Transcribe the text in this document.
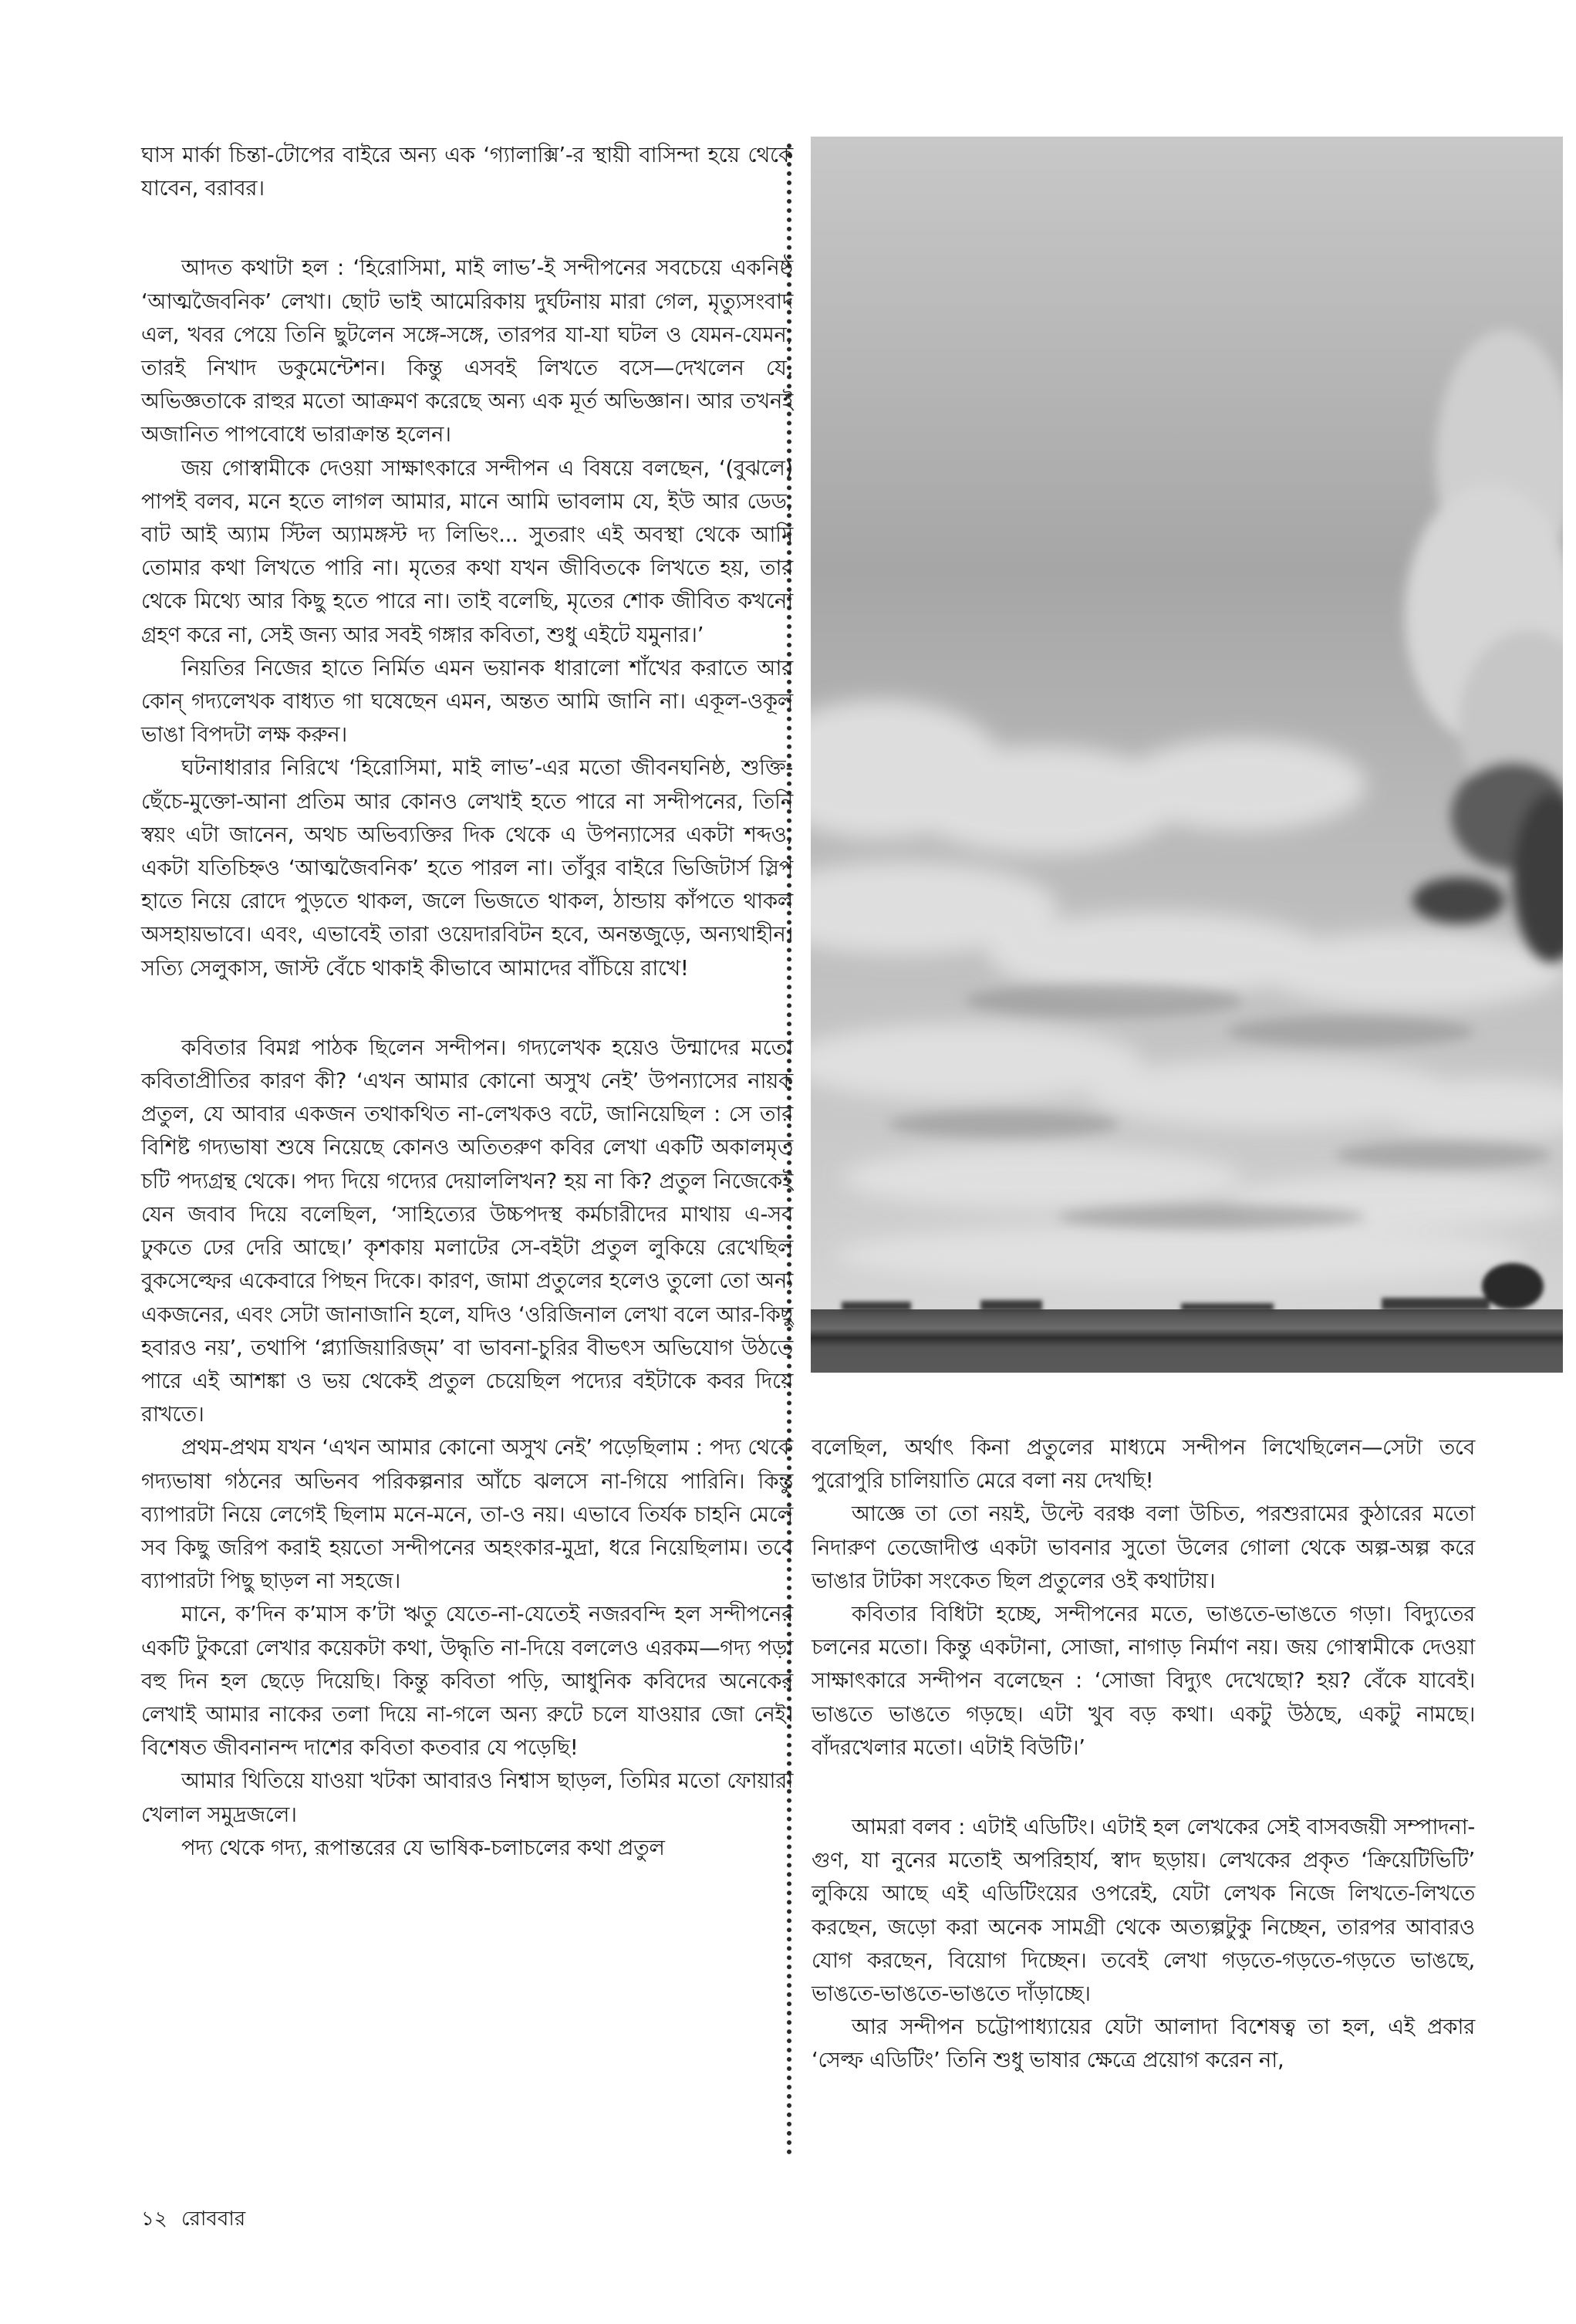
ঘাস মার্কা চিন্তা-টোপের বাইরে অন্য এক ‘গ্যালাক্সি’-র স্থায়ী বাসিন্দা হয়ে থেকে যাবেন, বরাবর।

আদত কথাটা হল : ‘হিরোসিমা, মাই লাভ’-ই সন্দীপনের সবচেয়ে একনিষ্ঠ ‘আত্মজৈবনিক’ লেখা। ছোট ভাই আমেরিকায় দুর্ঘটনায় মারা গেল, মৃত্যুসংবাদ এল, খবর পেয়ে তিনি ছুটলেন সঙ্গে-সঙ্গে, তারপর যা-যা ঘটল ও যেমন-যেমন, তারই নিখাদ ডকুমেন্টেশন। কিন্তু এসবই লিখতে বসে—দেখলেন যে, অভিজ্ঞতাকে রাহুর মতো আক্রমণ করেছে অন্য এক মূর্ত অভিজ্ঞান। আর তখনই অজানিত পাপবোধে ভারাক্রান্ত হলেন।

জয় গোস্বামীকে দেওয়া সাক্ষাৎকারে সন্দীপন এ বিষয়ে বলছেন, ‘(বুঝলে) পাপই বলব, মনে হতে লাগল আমার, মানে আমি ভাবলাম যে, ইউ আর ডেড, বাট আই অ্যাম স্টিল অ্যামঙ্গস্ট দ্য লিভিং... সুতরাং এই অবস্থা থেকে আমি তোমার কথা লিখতে পারি না। মৃতের কথা যখন জীবিতকে লিখতে হয়, তার থেকে মিথ্যে আর কিছু হতে পারে না। তাই বলেছি, মৃতের শোক জীবিত কখনো গ্রহণ করে না, সেই জন্য আর সবই গঙ্গার কবিতা, শুধু এইটে যমুনার।’

নিয়তির নিজের হাতে নির্মিত এমন ভয়ানক ধারালো শাঁখের করাতে আর কোন্ গদ্যলেখক বাধ্যত গা ঘষেছেন এমন, অন্তত আমি জানি না। একূল-ওকূল ভাঙা বিপদটা লক্ষ করুন।

ঘটনাধারার নিরিখে ‘হিরোসিমা, মাই লাভ’-এর মতো জীবনঘনিষ্ঠ, শুক্তি-ছেঁচে-মুক্তো-আনা প্রতিম আর কোনও লেখাই হতে পারে না সন্দীপনের, তিনি স্বয়ং এটা জানেন, অথচ অভিব্যক্তির দিক থেকে এ উপন্যাসের একটা শব্দও, একটা যতিচিহ্নও ‘আত্মজৈবনিক’ হতে পারল না। তাঁবুর বাইরে ভিজিটার্স স্লিপ হাতে নিয়ে রোদে পুড়তে থাকল, জলে ভিজতে থাকল, ঠান্ডায় কাঁপতে থাকল অসহায়ভাবে। এবং, এভাবেই তারা ওয়েদারবিটন হবে, অনন্তজুড়ে, অন্যথাহীন। সত্যি সেলুকাস, জাস্ট বেঁচে থাকাই কীভাবে আমাদের বাঁচিয়ে রাখে!

কবিতার বিমগ্ন পাঠক ছিলেন সন্দীপন। গদ্যলেখক হয়েও উন্মাদের মতো কবিতাপ্রীতির কারণ কী? ‘এখন আমার কোনো অসুখ নেই’ উপন্যাসের নায়ক প্রতুল, যে আবার একজন তথাকথিত না-লেখকও বটে, জানিয়েছিল : সে তার বিশিষ্ট গদ্যভাষা শুষে নিয়েছে কোনও অতিতরুণ কবির লেখা একটি অকালমৃত চটি পদ্যগ্রন্থ থেকে। পদ্য দিয়ে গদ্যের দেয়াললিখন? হয় না কি? প্রতুল নিজেকেই যেন জবাব দিয়ে বলেছিল, ‘সাহিত্যের উচ্চপদস্থ কর্মচারীদের মাথায় এ-সব ঢুকতে ঢের দেরি আছে।’ কৃশকায় মলাটের সে-বইটা প্রতুল লুকিয়ে রেখেছিল বুকসেল্ফের একেবারে পিছন দিকে। কারণ, জামা প্রতুলের হলেও তুলো তো অন্য একজনের, এবং সেটা জানাজানি হলে, যদিও ‘ওরিজিনাল লেখা বলে আর-কিছু হবারও নয়’, তথাপি ‘প্ল্যাজিয়ারিজ্ম’ বা ভাবনা-চুরির বীভৎস অভিযোগ উঠতে পারে এই আশঙ্কা ও ভয় থেকেই প্রতুল চেয়েছিল পদ্যের বইটাকে কবর দিয়ে রাখতে।

প্রথম-প্রথম যখন ‘এখন আমার কোনো অসুখ নেই’ পড়েছিলাম : পদ্য থেকে গদ্যভাষা গঠনের অভিনব পরিকল্পনার আঁচে ঝলসে না-গিয়ে পারিনি। কিন্তু ব্যাপারটা নিয়ে লেগেই ছিলাম মনে-মনে, তা-ও নয়। এভাবে তির্যক চাহনি মেলে সব কিছু জরিপ করাই হয়তো সন্দীপনের অহংকার-মুদ্রা, ধরে নিয়েছিলাম। তবে ব্যাপারটা পিছু ছাড়ল না সহজে।

মানে, ক’দিন ক’মাস ক’টা ঋতু যেতে-না-যেতেই নজরবন্দি হল সন্দীপনের একটি টুকরো লেখার কয়েকটা কথা, উদ্ধৃতি না-দিয়ে বললেও এরকম—গদ্য পড়া বহু দিন হল ছেড়ে দিয়েছি। কিন্তু কবিতা পড়ি, আধুনিক কবিদের অনেকের লেখাই আমার নাকের তলা দিয়ে না-গলে অন্য রুটে চলে যাওয়ার জো নেই। বিশেষত জীবনানন্দ দাশের কবিতা কতবার যে পড়েছি!

আমার থিতিয়ে যাওয়া খটকা আবারও নিশ্বাস ছাড়ল, তিমির মতো ফোয়ারা খেলাল সমুদ্রজলে।

পদ্য থেকে গদ্য, রূপান্তরের যে ভাষিক-চলাচলের কথা প্রতুল

বলেছিল, অর্থাৎ কিনা প্রতুলের মাধ্যমে সন্দীপন লিখেছিলেন—সেটা তবে পুরোপুরি চালিয়াতি মেরে বলা নয় দেখছি!

আজ্ঞে তা তো নয়ই, উল্টে বরঞ্চ বলা উচিত, পরশুরামের কুঠারের মতো নিদারুণ তেজোদীপ্ত একটা ভাবনার সুতো উলের গোলা থেকে অল্প-অল্প করে ভাঙার টাটকা সংকেত ছিল প্রতুলের ওই কথাটায়।

কবিতার বিধিটা হচ্ছে, সন্দীপনের মতে, ভাঙতে-ভাঙতে গড়া। বিদ্যুতের চলনের মতো। কিন্তু একটানা, সোজা, নাগাড় নির্মাণ নয়। জয় গোস্বামীকে দেওয়া সাক্ষাৎকারে সন্দীপন বলেছেন : ‘সোজা বিদ্যুৎ দেখেছো? হয়? বেঁকে যাবেই। ভাঙতে ভাঙতে গড়ছে। এটা খুব বড় কথা। একটু উঠছে, একটু নামছে। বাঁদরখেলার মতো। এটাই বিউটি।’

আমরা বলব : এটাই এডিটিং। এটাই হল লেখকের সেই বাসবজয়ী সম্পাদনা-গুণ, যা নুনের মতোই অপরিহার্য, স্বাদ ছড়ায়। লেখকের প্রকৃত ‘ক্রিয়েটিভিটি’ লুকিয়ে আছে এই এডিটিংয়ের ওপরেই, যেটা লেখক নিজে লিখতে-লিখতে করছেন, জড়ো করা অনেক সামগ্রী থেকে অত্যল্পটুকু নিচ্ছেন, তারপর আবারও যোগ করছেন, বিয়োগ দিচ্ছেন। তবেই লেখা গড়তে-গড়তে-গড়তে ভাঙছে, ভাঙতে-ভাঙতে-ভাঙতে দাঁড়াচ্ছে।

আর সন্দীপন চট্টোপাধ্যায়ের যেটা আলাদা বিশেষত্ব তা হল, এই প্রকার ‘সেল্ফ এডিটিং’ তিনি শুধু ভাষার ক্ষেত্রে প্রয়োগ করেন না,

১২ রোববার
